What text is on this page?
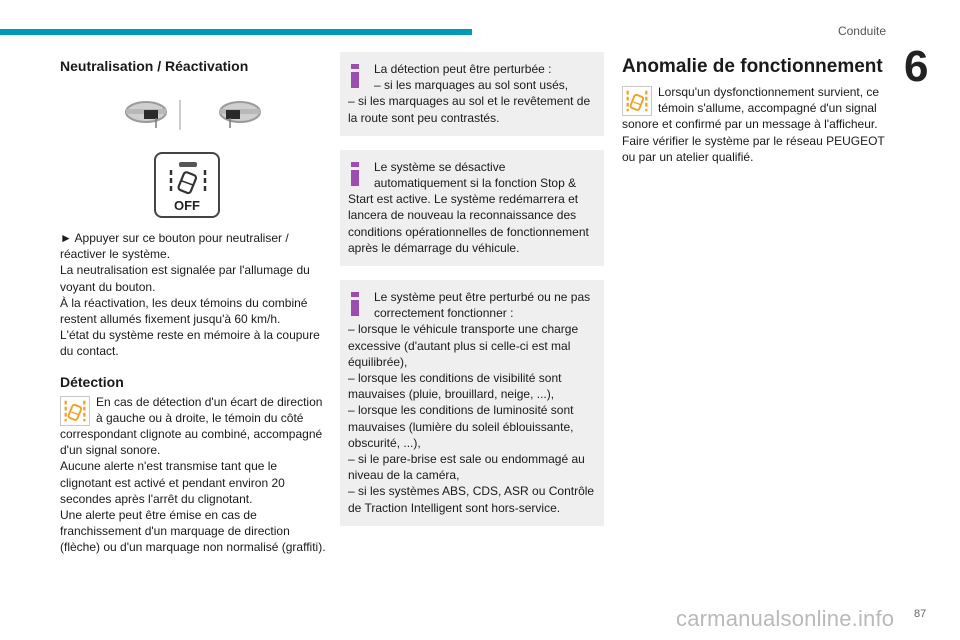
Conduite
6
Neutralisation / Réactivation
OFF

► Appuyer sur ce bouton pour neutraliser / réactiver le système.

La neutralisation est signalée par l'allumage du voyant du bouton.

À la réactivation, les deux témoins du combiné restent allumés fixement jusqu'à 60 km/h.

L'état du système reste en mémoire à la coupure du contact.

Détection

En cas de détection d'un écart de direction à gauche ou à droite, le témoin du côté correspondant clignote au combiné, accompagné d'un signal sonore.

Aucune alerte n'est transmise tant que le clignotant est activé et pendant environ 20 secondes après l'arrêt du clignotant.

Une alerte peut être émise en cas de franchissement d'un marquage de direction (flèche) ou d'un marquage non normalisé (graffiti).

La détection peut être perturbée :

– si les marquages au sol sont usés,

– si les marquages au sol et le revêtement de la route sont peu contrastés.

Le système se désactive automatiquement si la fonction Stop & Start est active. Le système redémarrera et lancera de nouveau la reconnaissance des conditions opérationnelles de fonctionnement après le démarrage du véhicule.

Le système peut être perturbé ou ne pas correctement fonctionner :

– lorsque le véhicule transporte une charge excessive (d'autant plus si celle-ci est mal équilibrée),

– lorsque les conditions de visibilité sont mauvaises (pluie, brouillard, neige, ...),

– lorsque les conditions de luminosité sont mauvaises (lumière du soleil éblouissante, obscurité, ...),

– si le pare-brise est sale ou endommagé au niveau de la caméra,

– si les systèmes ABS, CDS, ASR ou Contrôle de Traction Intelligent sont hors-service.

Anomalie de fonctionnement

Lorsqu'un dysfonctionnement survient, ce témoin s'allume, accompagné d'un signal sonore et confirmé par un message à l'afficheur.

Faire vérifier le système par le réseau PEUGEOT ou par un atelier qualifié.

carmanualsonline.info 87
